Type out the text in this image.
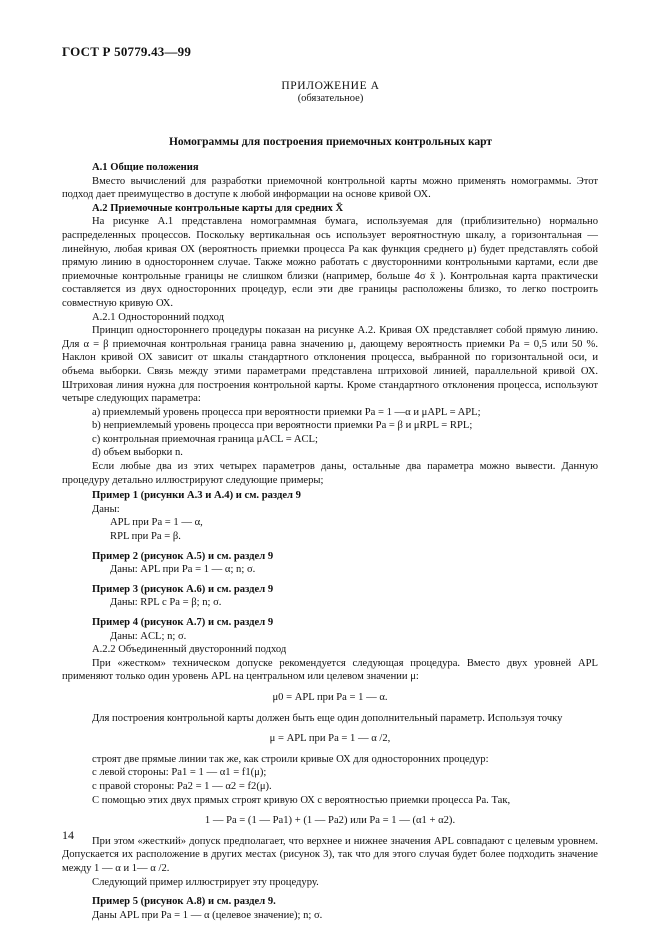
ГОСТ Р 50779.43—99
ПРИЛОЖЕНИЕ А
(обязательное)
Номограммы для построения приемочных контрольных карт

А.1 Общие положения

Вместо вычислений для разработки приемочной контрольной карты можно применять номограммы. Этот подход дает преимущество в доступе к любой информации на основе кривой ОХ.

А.2 Приемочные контрольные карты для средних X̄

На рисунке А.1 представлена номограммная бумага, используемая для (приблизительно) нормально распределенных процессов. Поскольку вертикальная ось использует вероятностную шкалу, а горизонтальная — линейную, любая кривая ОХ (вероятность приемки процесса Ра как функция среднего μ) будет представлять собой прямую линию в одностороннем случае. Также можно работать с двусторонними контрольными картами, если две приемочные контрольные границы не слишком близки (например, больше 4σ x̄ ). Контрольная карта практически составляется из двух односторонних процедур, если эти две границы расположены близко, то легко построить совместную кривую ОХ.

А.2.1 Односторонний подход

Принцип одностороннего процедуры показан на рисунке А.2. Кривая ОХ представляет собой прямую линию. Для α = β приемочная контрольная граница равна значению μ, дающему вероятность приемки Ра = 0,5 или 50 %. Наклон кривой ОХ зависит от шкалы стандартного отклонения процесса, выбранной по горизонтальной оси, и объема выборки. Связь между этими параметрами представлена штриховой линией, параллельной кривой ОХ. Штриховая линия нужна для построения контрольной карты. Кроме стандартного отклонения процесса, используют четыре следующих параметра:

a) приемлемый уровень процесса при вероятности приемки Ра = 1 —α и μAPL = APL;

b) неприемлемый уровень процесса при вероятности приемки Ра = β и μRPL = RPL;

c) контрольная приемочная граница μACL = ACL;

d) объем выборки n.

Если любые два из этих четырех параметров даны, остальные два параметра можно вывести. Данную процедуру детально иллюстрируют следующие примеры;

Пример 1 (рисунки А.3 и А.4) и см. раздел 9

Даны:

APL при Ра = 1 — α,

RPL при Ра = β.

Пример 2 (рисунок А.5) и см. раздел 9

Даны: APL при Ра = 1 — α; n; σ.

Пример 3 (рисунок А.6) и см. раздел 9

Даны: RPL с Ра = β; n; σ.

Пример 4 (рисунок А.7) и см. раздел 9

Даны: ACL; n; σ.

А.2.2 Объединенный двусторонний подход

При «жестком» техническом допуске рекомендуется следующая процедура. Вместо двух уровней APL применяют только один уровень APL на центральном или целевом значении μ:

μ0 = APL при Ра = 1 — α.

Для построения контрольной карты должен быть еще один дополнительный параметр. Используя точку

μ = APL при Ра = 1 — α /2,

строят две прямые линии так же, как строили кривые ОХ для односторонних процедур:

с левой стороны: Ра1 = 1 — α1 = f1(μ);

с правой стороны: Ра2 = 1 — α2 = f2(μ).

С помощью этих двух прямых строят кривую ОХ с вероятностью приемки процесса Ра. Так,

1 — Ра = (1 — Ра1) + (1 — Ра2) или Ра = 1 — (α1 + α2).

При этом «жесткий» допуск предполагает, что верхнее и нижнее значения APL совпадают с целевым уровнем. Допускается их расположение в других местах (рисунок 3), так что для этого случая будет более подходить значение между 1 — α и 1— α /2.

Следующий пример иллюстрирует эту процедуру.

Пример 5 (рисунок А.8) и см. раздел 9.

Даны APL при Ра = 1 — α (целевое значение); n; σ.

14
